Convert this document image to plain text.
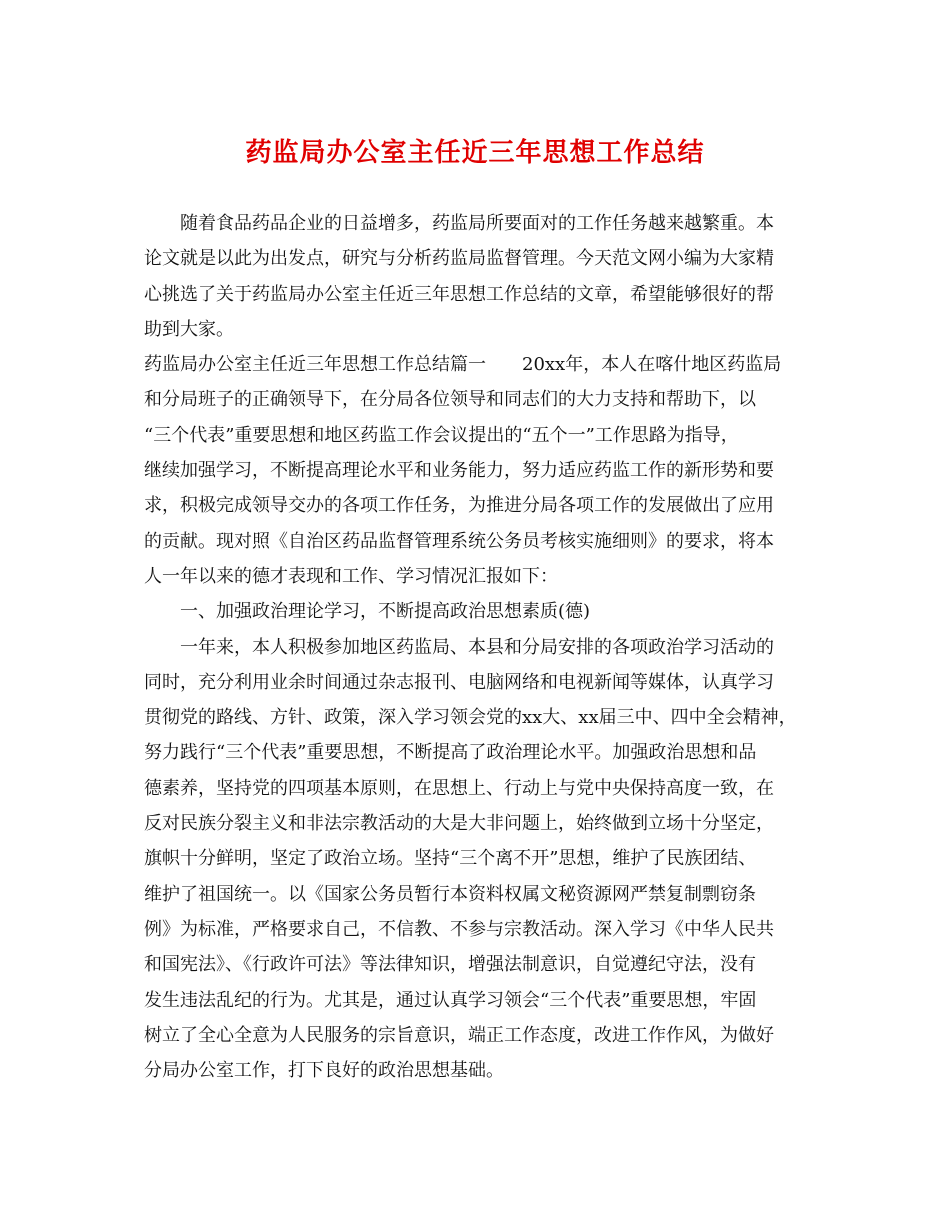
药监局办公室主任近三年思想工作总结
随着食品药品企业的日益增多，药监局所要面对的工作任务越来越繁重。本
论文就是以此为出发点，研究与分析药监局监督管理。今天范文网小编为大家精
心挑选了关于药监局办公室主任近三年思想工作总结的文章，希望能够很好的帮
助到大家。
药监局办公室主任近三年思想工作总结篇一　　20xx年，本人在喀什地区药监局
和分局班子的正确领导下，在分局各位领导和同志们的大力支持和帮助下，以
“三个代表”重要思想和地区药监工作会议提出的“五个一”工作思路为指导，
继续加强学习，不断提高理论水平和业务能力，努力适应药监工作的新形势和要
求，积极完成领导交办的各项工作任务，为推进分局各项工作的发展做出了应用
的贡献。现对照《自治区药品监督管理系统公务员考核实施细则》的要求，将本
人一年以来的德才表现和工作、学习情况汇报如下：
一、加强政治理论学习，不断提高政治思想素质(德)
一年来，本人积极参加地区药监局、本县和分局安排的各项政治学习活动的
同时，充分利用业余时间通过杂志报刊、电脑网络和电视新闻等媒体，认真学习
贯彻党的路线、方针、政策，深入学习领会党的xx大、xx届三中、四中全会精神，
努力践行“三个代表”重要思想，不断提高了政治理论水平。加强政治思想和品
德素养，坚持党的四项基本原则，在思想上、行动上与党中央保持高度一致，在
反对民族分裂主义和非法宗教活动的大是大非问题上，始终做到立场十分坚定，
旗帜十分鲜明，坚定了政治立场。坚持“三个离不开”思想，维护了民族团结、
维护了祖国统一。以《国家公务员暂行本资料权属文秘资源网严禁复制剽窃条
例》为标准，严格要求自己，不信教、不参与宗教活动。深入学习《中华人民共
和国宪法》、《行政许可法》等法律知识，增强法制意识，自觉遵纪守法，没有
发生违法乱纪的行为。尤其是，通过认真学习领会“三个代表”重要思想，牢固
树立了全心全意为人民服务的宗旨意识，端正工作态度，改进工作作风，为做好
分局办公室工作，打下良好的政治思想基础。
